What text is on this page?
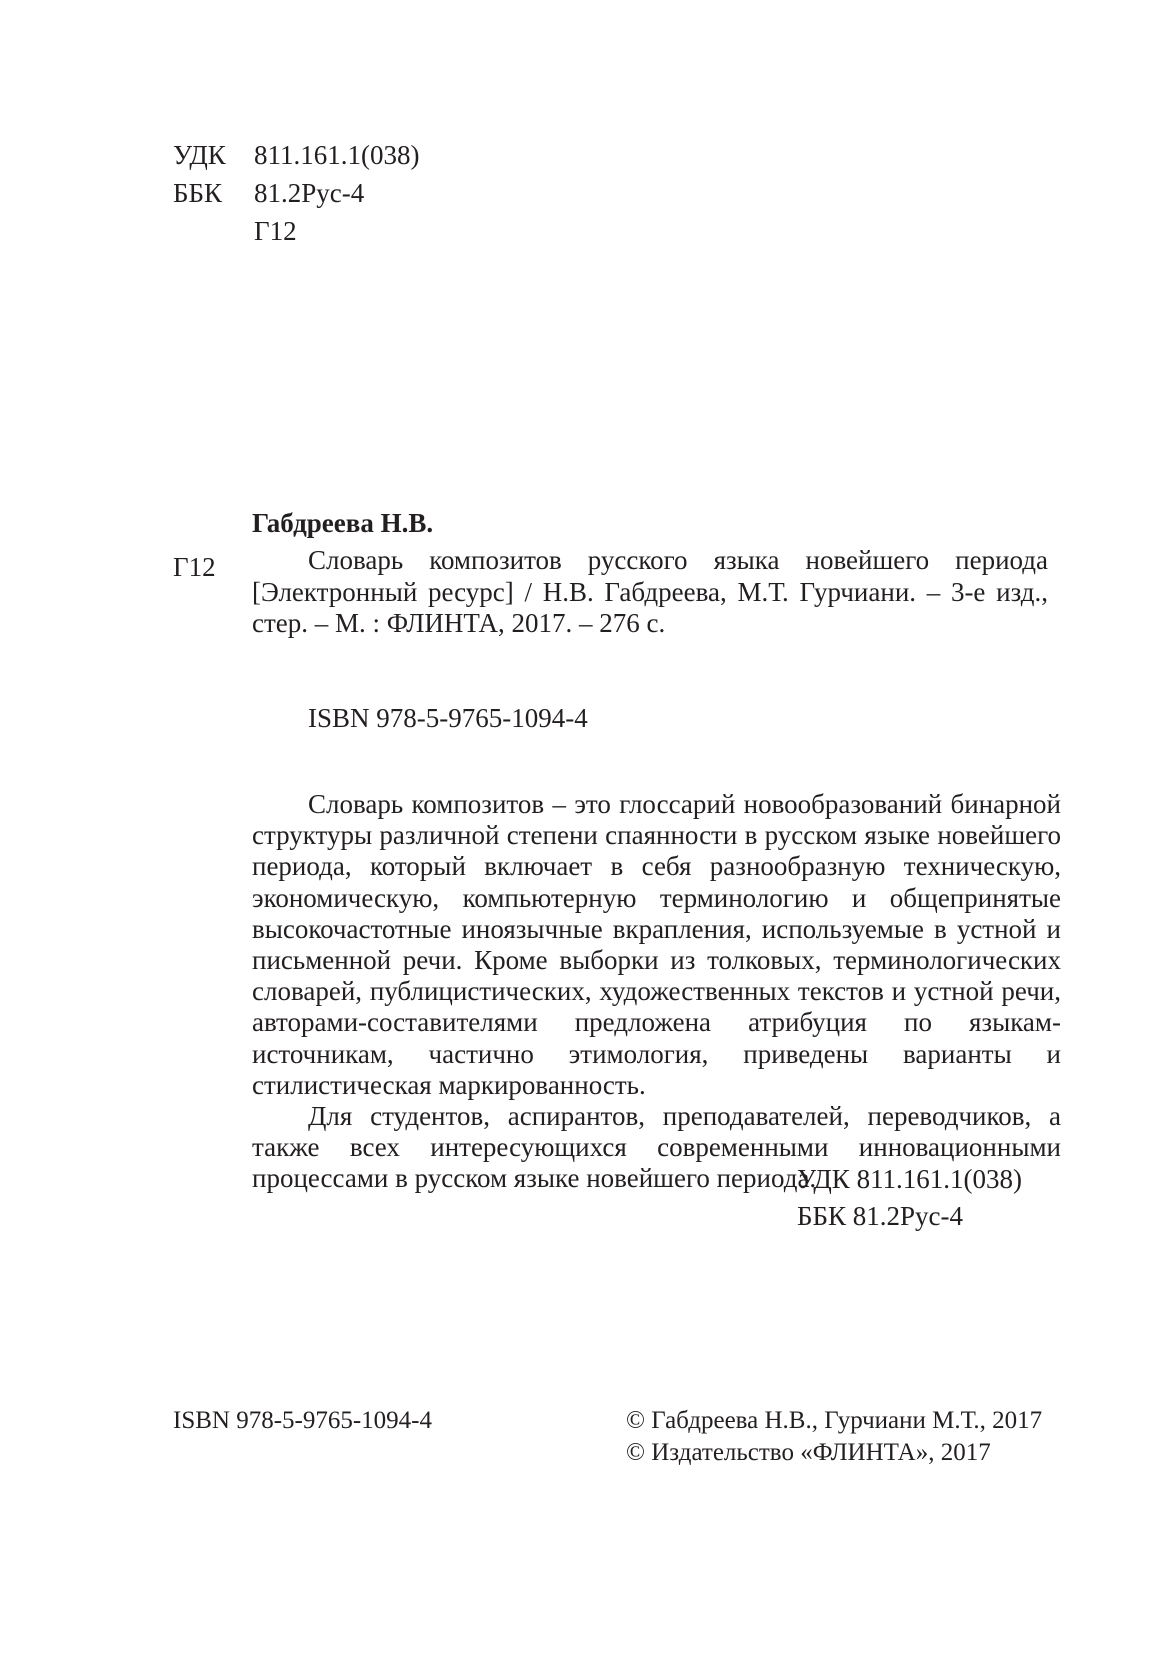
УДК 811.161.1(038)
ББК 81.2Рус-4
Г12
Габдреева Н.В.
Г12	Словарь композитов русского языка новейшего периода [Электронный ресурс] / Н.В. Габдреева, М.Т. Гурчиани. – 3-е изд., стер. – М. : ФЛИНТА, 2017. – 276 с.

ISBN 978-5-9765-1094-4

Словарь композитов – это глоссарий новообразований бинарной структуры различной степени спаянности в русском языке новейшего периода, который включает в себя разнообразную техническую, экономическую, компьютерную терминологию и общепринятые высокочастотные иноязычные вкрапления, используемые в устной и письменной речи. Кроме выборки из толковых, терминологических словарей, публицистических, художественных текстов и устной речи, авторами-составителями предложена атрибуция по языкам-источникам, частично этимология, приведены варианты и стилистическая маркированность.

Для студентов, аспирантов, преподавателей, переводчиков, а также всех интересующихся современными инновационными процессами в русском языке новейшего периода.

УДК 811.161.1(038)
ББК 81.2Рус-4
ISBN 978-5-9765-1094-4	© Габдреева Н.В., Гурчиани М.Т., 2017
© Издательство «ФЛИНТА», 2017
